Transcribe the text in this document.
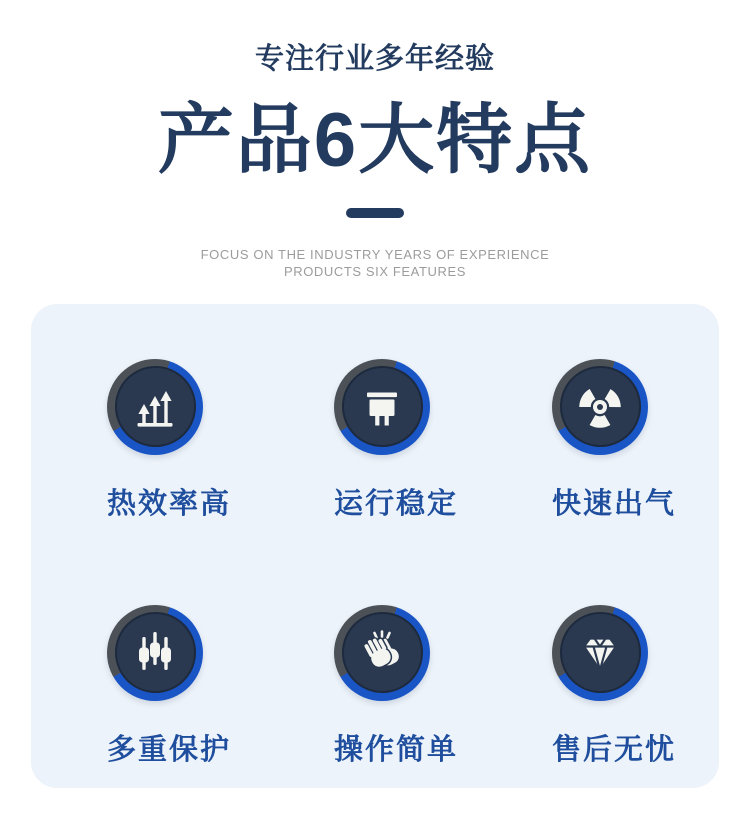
专注行业多年经验
产品6大特点
FOCUS ON THE INDUSTRY YEARS OF EXPERIENCE
PRODUCTS SIX FEATURES
热效率高	运行稳定	快速出气
多重保护	操作简单	售后无忧
